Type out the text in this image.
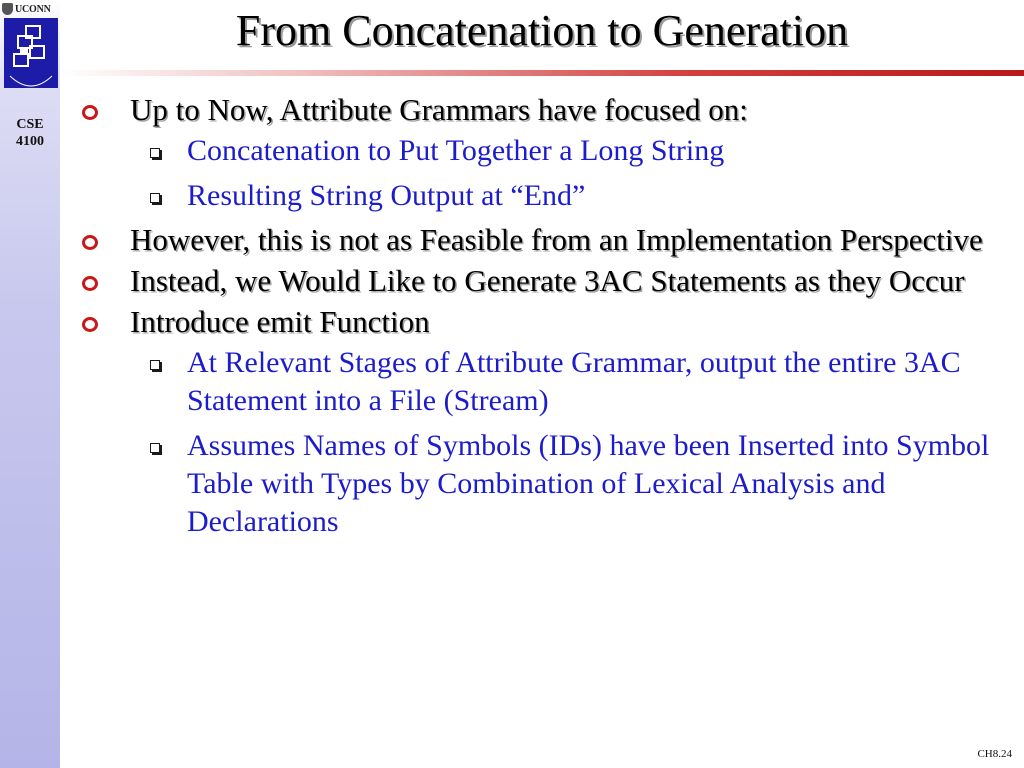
UCONN
CSE
4100
From Concatenation to Generation
Up to Now, Attribute Grammars have focused on:
Concatenation to Put Together a Long String
Resulting String Output at “End”
However, this is not as Feasible from an Implementation Perspective
Instead, we Would Like to Generate 3AC Statements as they Occur
Introduce emit Function
At Relevant Stages of Attribute Grammar, output the entire 3AC Statement into a File (Stream)
Assumes Names of Symbols (IDs) have been Inserted into Symbol Table with Types by Combination of Lexical Analysis and Declarations
CH8.24
